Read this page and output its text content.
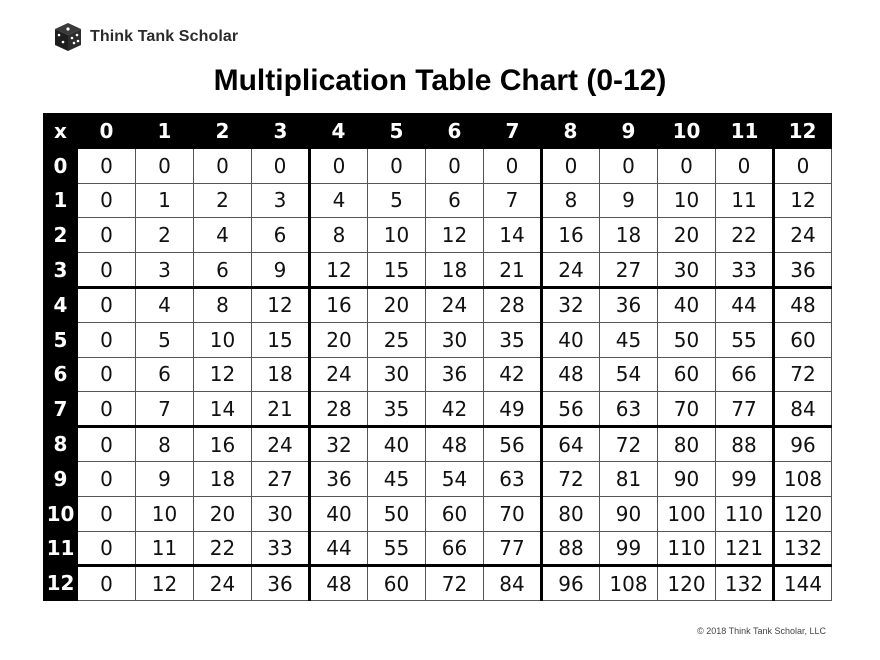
Think Tank Scholar
Multiplication Table Chart (0-12)
x	0	1	2	3	4	5	6	7	8	9	10	11	12
0	0	0	0	0	0	0	0	0	0	0	0	0	0
1	0	1	2	3	4	5	6	7	8	9	10	11	12
2	0	2	4	6	8	10	12	14	16	18	20	22	24
3	0	3	6	9	12	15	18	21	24	27	30	33	36
4	0	4	8	12	16	20	24	28	32	36	40	44	48
5	0	5	10	15	20	25	30	35	40	45	50	55	60
6	0	6	12	18	24	30	36	42	48	54	60	66	72
7	0	7	14	21	28	35	42	49	56	63	70	77	84
8	0	8	16	24	32	40	48	56	64	72	80	88	96
9	0	9	18	27	36	45	54	63	72	81	90	99	108
10	0	10	20	30	40	50	60	70	80	90	100	110	120
11	0	11	22	33	44	55	66	77	88	99	110	121	132
12	0	12	24	36	48	60	72	84	96	108	120	132	144
© 2018 Think Tank Scholar, LLC
